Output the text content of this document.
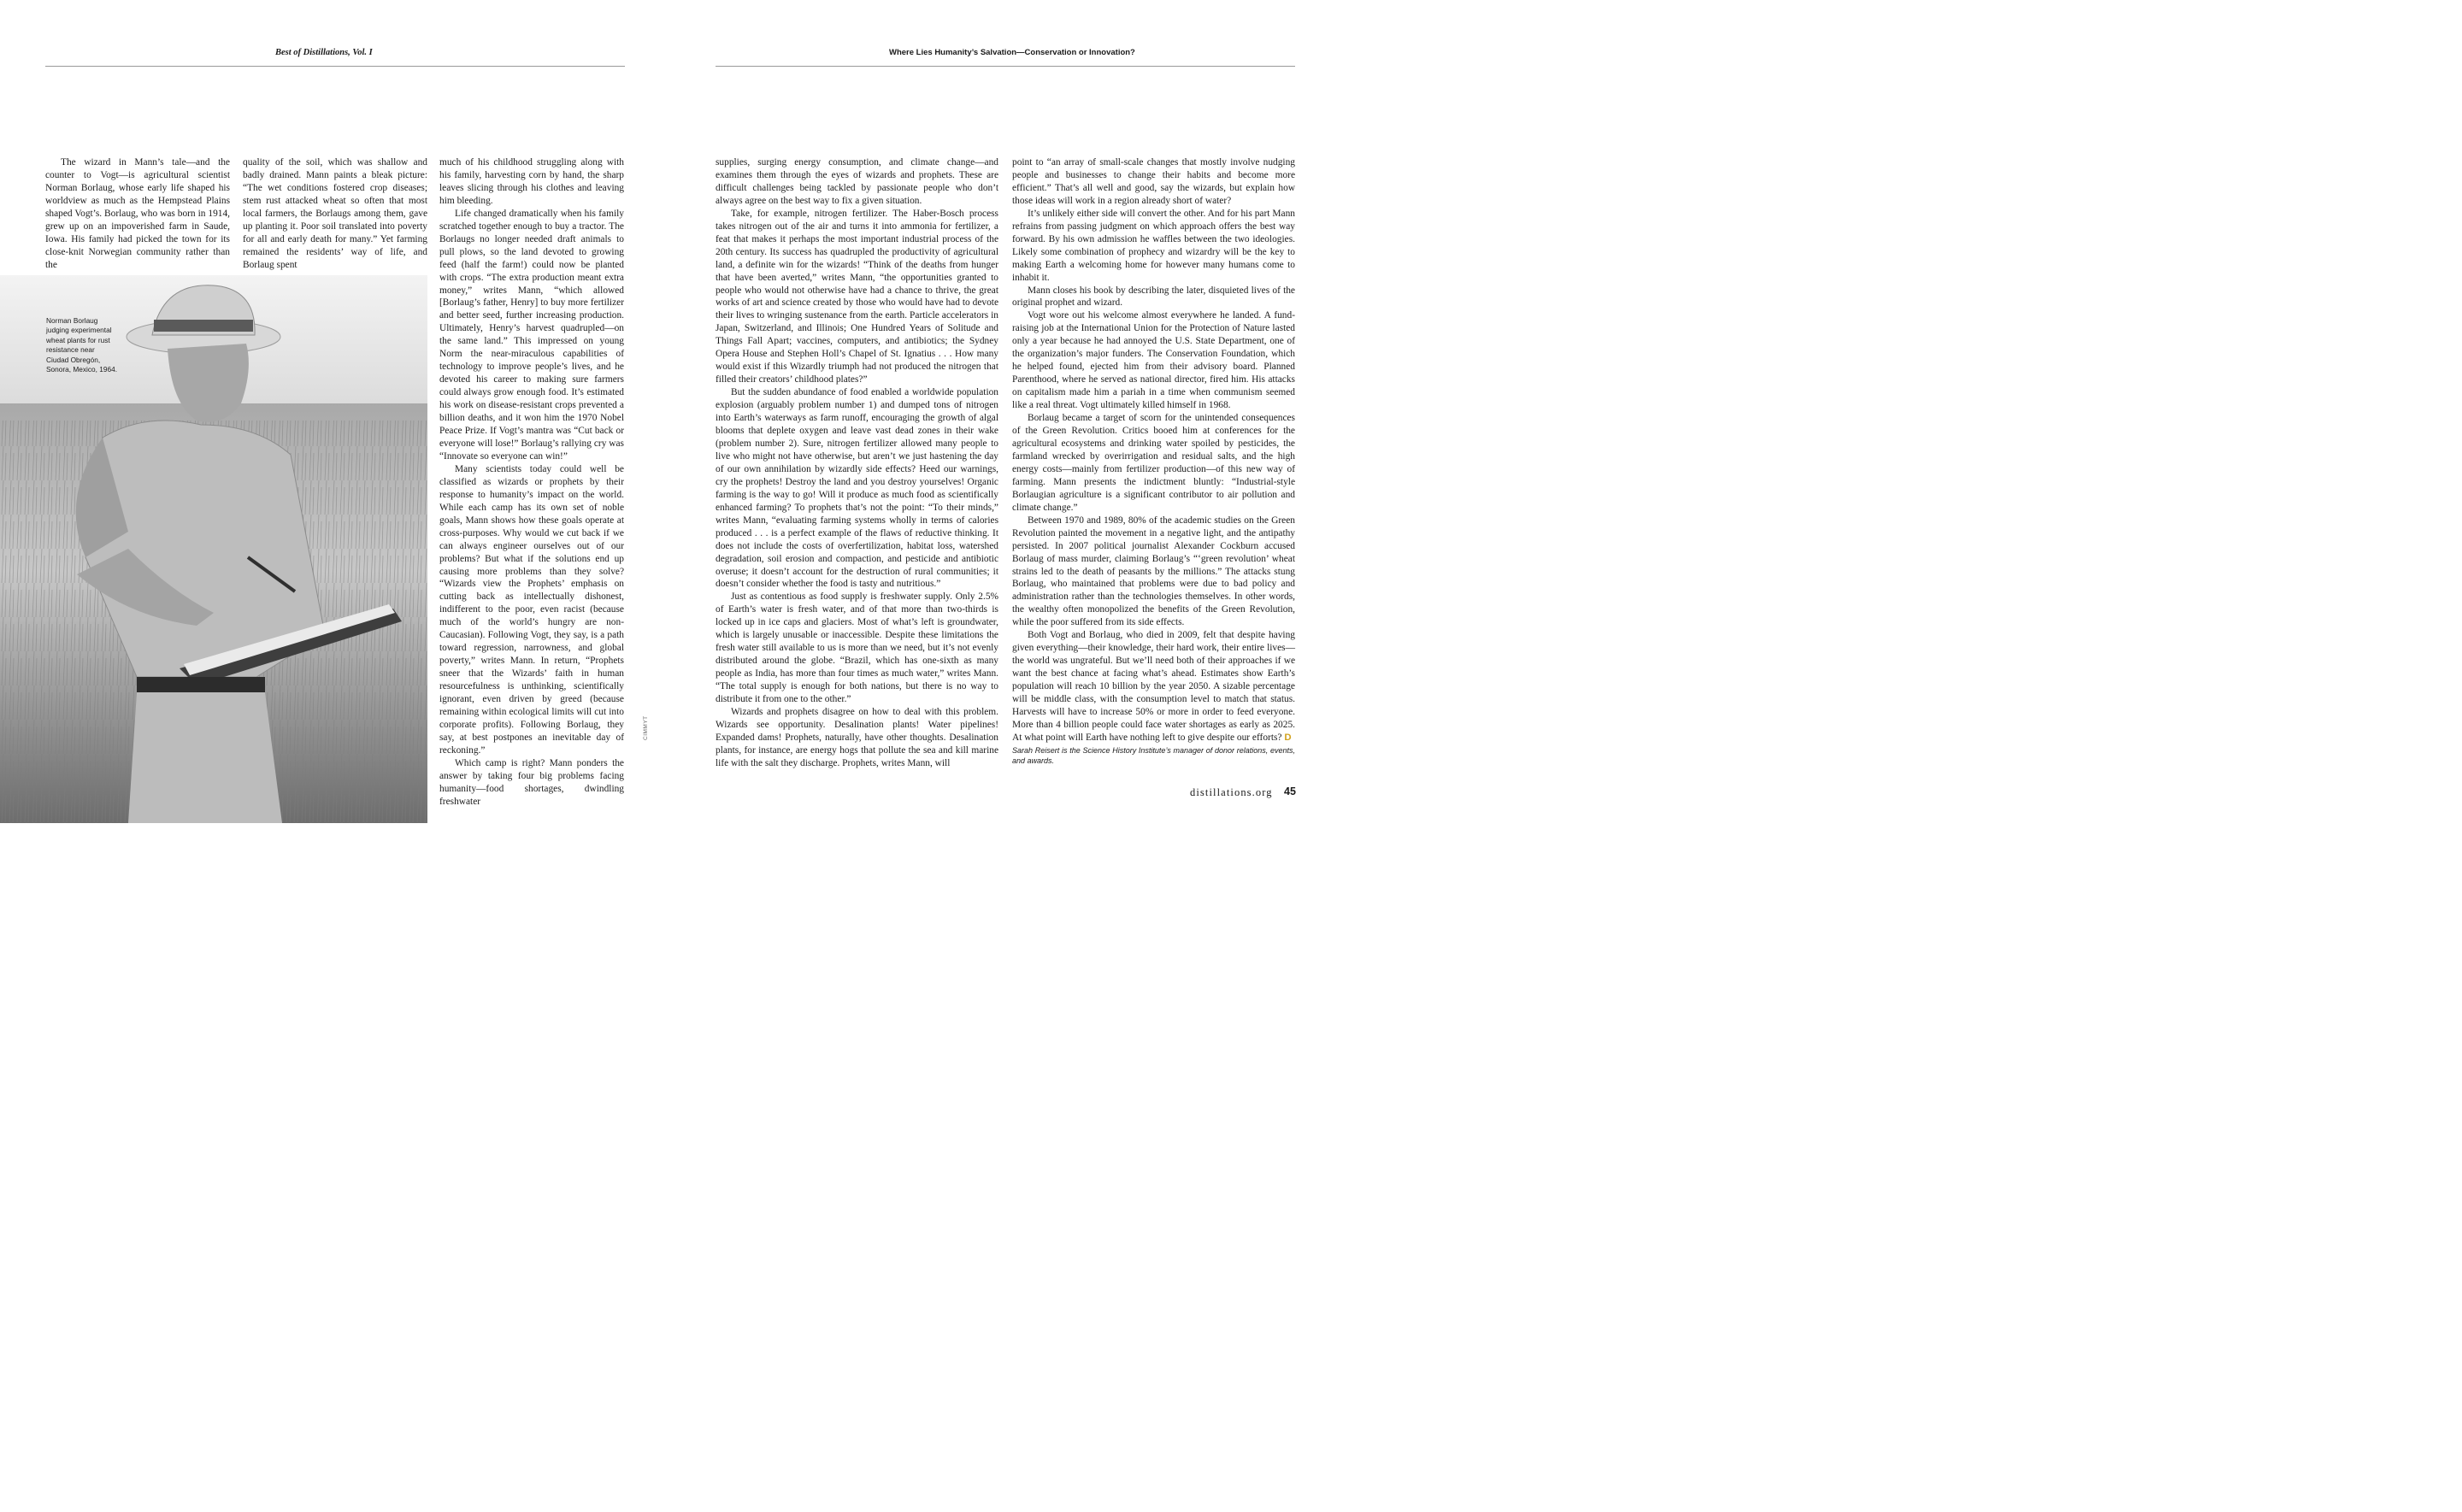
Best of Distillations, Vol. I	Where Lies Humanity’s Salvation—Conservation or Innovation?
Norman Borlaug judging experimental wheat plants for rust resistance near Ciudad Obregón, Sonora, Mexico, 1964.
CIMMYT

The wizard in Mann’s tale—and the counter to Vogt—is agricultural scientist Norman Borlaug, whose early life shaped his worldview as much as the Hempstead Plains shaped Vogt’s. Borlaug, who was born in 1914, grew up on an impoverished farm in Saude, Iowa. His family had picked the town for its close-knit Norwegian community rather than the

quality of the soil, which was shallow and badly drained. Mann paints a bleak picture: “The wet conditions fostered crop diseases; stem rust attacked wheat so often that most local farmers, the Borlaugs among them, gave up planting it. Poor soil translated into poverty for all and early death for many.” Yet farming remained the residents’ way of life, and Borlaug spent

much of his childhood struggling along with his family, harvesting corn by hand, the sharp leaves slicing through his clothes and leaving him bleeding.

Life changed dramatically when his family scratched together enough to buy a tractor. The Borlaugs no longer needed draft animals to pull plows, so the land devoted to growing feed (half the farm!) could now be planted with crops. “The extra production meant extra money,” writes Mann, “which allowed [Borlaug’s father, Henry] to buy more fertilizer and better seed, further increasing production. Ultimately, Henry’s harvest quadrupled—on the same land.” This impressed on young Norm the near-miraculous capabilities of technology to improve people’s lives, and he devoted his career to making sure farmers could always grow enough food. It’s estimated his work on disease-resistant crops prevented a billion deaths, and it won him the 1970 Nobel Peace Prize. If Vogt’s mantra was “Cut back or everyone will lose!” Borlaug’s rallying cry was “Innovate so everyone can win!”

Many scientists today could well be classified as wizards or prophets by their response to humanity’s impact on the world. While each camp has its own set of noble goals, Mann shows how these goals operate at cross-purposes. Why would we cut back if we can always engineer ourselves out of our problems? But what if the solutions end up causing more problems than they solve? “Wizards view the Prophets’ emphasis on cutting back as intellectually dishonest, indifferent to the poor, even racist (because much of the world’s hungry are non-Caucasian). Following Vogt, they say, is a path toward regression, narrowness, and global poverty,” writes Mann. In return, “Prophets sneer that the Wizards’ faith in human resourcefulness is unthinking, scientifically ignorant, even driven by greed (because remaining within ecological limits will cut into corporate profits). Following Borlaug, they say, at best postpones an inevitable day of reckoning.”

Which camp is right? Mann ponders the answer by taking four big problems facing humanity—food shortages, dwindling freshwater

supplies, surging energy consumption, and climate change—and examines them through the eyes of wizards and prophets. These are difficult challenges being tackled by passionate people who don’t always agree on the best way to fix a given situation.

Take, for example, nitrogen fertilizer. The Haber-Bosch process takes nitrogen out of the air and turns it into ammonia for fertilizer, a feat that makes it perhaps the most important industrial process of the 20th century. Its success has quadrupled the productivity of agricultural land, a definite win for the wizards! “Think of the deaths from hunger that have been averted,” writes Mann, “the opportunities granted to people who would not otherwise have had a chance to thrive, the great works of art and science created by those who would have had to devote their lives to wringing sustenance from the earth. Particle accelerators in Japan, Switzerland, and Illinois; One Hundred Years of Solitude and Things Fall Apart; vaccines, computers, and antibiotics; the Sydney Opera House and Stephen Holl’s Chapel of St. Ignatius . . . How many would exist if this Wizardly triumph had not produced the nitrogen that filled their creators’ childhood plates?”

But the sudden abundance of food enabled a worldwide population explosion (arguably problem number 1) and dumped tons of nitrogen into Earth’s waterways as farm runoff, encouraging the growth of algal blooms that deplete oxygen and leave vast dead zones in their wake (problem number 2). Sure, nitrogen fertilizer allowed many people to live who might not have otherwise, but aren’t we just hastening the day of our own annihilation by wizardly side effects? Heed our warnings, cry the prophets! Destroy the land and you destroy yourselves! Organic farming is the way to go! Will it produce as much food as scientifically enhanced farming? To prophets that’s not the point: “To their minds,” writes Mann, “evaluating farming systems wholly in terms of calories produced . . . is a perfect example of the flaws of reductive thinking. It does not include the costs of overfertilization, habitat loss, watershed degradation, soil erosion and compaction, and pesticide and antibiotic overuse; it doesn’t account for the destruction of rural communities; it doesn’t consider whether the food is tasty and nutritious.”

Just as contentious as food supply is freshwater supply. Only 2.5% of Earth’s water is fresh water, and of that more than two-thirds is locked up in ice caps and glaciers. Most of what’s left is groundwater, which is largely unusable or inaccessible. Despite these limitations the fresh water still available to us is more than we need, but it’s not evenly distributed around the globe. “Brazil, which has one-sixth as many people as India, has more than four times as much water,” writes Mann. “The total supply is enough for both nations, but there is no way to distribute it from one to the other.”

Wizards and prophets disagree on how to deal with this problem. Wizards see opportunity. Desalination plants! Water pipelines! Expanded dams! Prophets, naturally, have other thoughts. Desalination plants, for instance, are energy hogs that pollute the sea and kill marine life with the salt they discharge. Prophets, writes Mann, will

point to “an array of small-scale changes that mostly involve nudging people and businesses to change their habits and become more efficient.” That’s all well and good, say the wizards, but explain how those ideas will work in a region already short of water?

It’s unlikely either side will convert the other. And for his part Mann refrains from passing judgment on which approach offers the best way forward. By his own admission he waffles between the two ideologies. Likely some combination of prophecy and wizardry will be the key to making Earth a welcoming home for however many humans come to inhabit it.

Mann closes his book by describing the later, disquieted lives of the original prophet and wizard.

Vogt wore out his welcome almost everywhere he landed. A fund-raising job at the International Union for the Protection of Nature lasted only a year because he had annoyed the U.S. State Department, one of the organization’s major funders. The Conservation Foundation, which he helped found, ejected him from their advisory board. Planned Parenthood, where he served as national director, fired him. His attacks on capitalism made him a pariah in a time when communism seemed like a real threat. Vogt ultimately killed himself in 1968.

Borlaug became a target of scorn for the unintended consequences of the Green Revolution. Critics booed him at conferences for the agricultural ecosystems and drinking water spoiled by pesticides, the farmland wrecked by overirrigation and residual salts, and the high energy costs—mainly from fertilizer production—of this new way of farming. Mann presents the indictment bluntly: “Industrial-style Borlaugian agriculture is a significant contributor to air pollution and climate change.”

Between 1970 and 1989, 80% of the academic studies on the Green Revolution painted the movement in a negative light, and the antipathy persisted. In 2007 political journalist Alexander Cockburn accused Borlaug of mass murder, claiming Borlaug’s “‘green revolution’ wheat strains led to the death of peasants by the millions.” The attacks stung Borlaug, who maintained that problems were due to bad policy and administration rather than the technologies themselves. In other words, the wealthy often monopolized the benefits of the Green Revolution, while the poor suffered from its side effects.

Both Vogt and Borlaug, who died in 2009, felt that despite having given everything—their knowledge, their hard work, their entire lives—the world was ungrateful. But we’ll need both of their approaches if we want the best chance at facing what’s ahead. Estimates show Earth’s population will reach 10 billion by the year 2050. A sizable percentage will be middle class, with the consumption level to match that status. Harvests will have to increase 50% or more in order to feed everyone. More than 4 billion people could face water shortages as early as 2025. At what point will Earth have nothing left to give despite our efforts? D

Sarah Reisert is the Science History Institute’s manager of donor relations, events, and awards.

distillations.org 45
